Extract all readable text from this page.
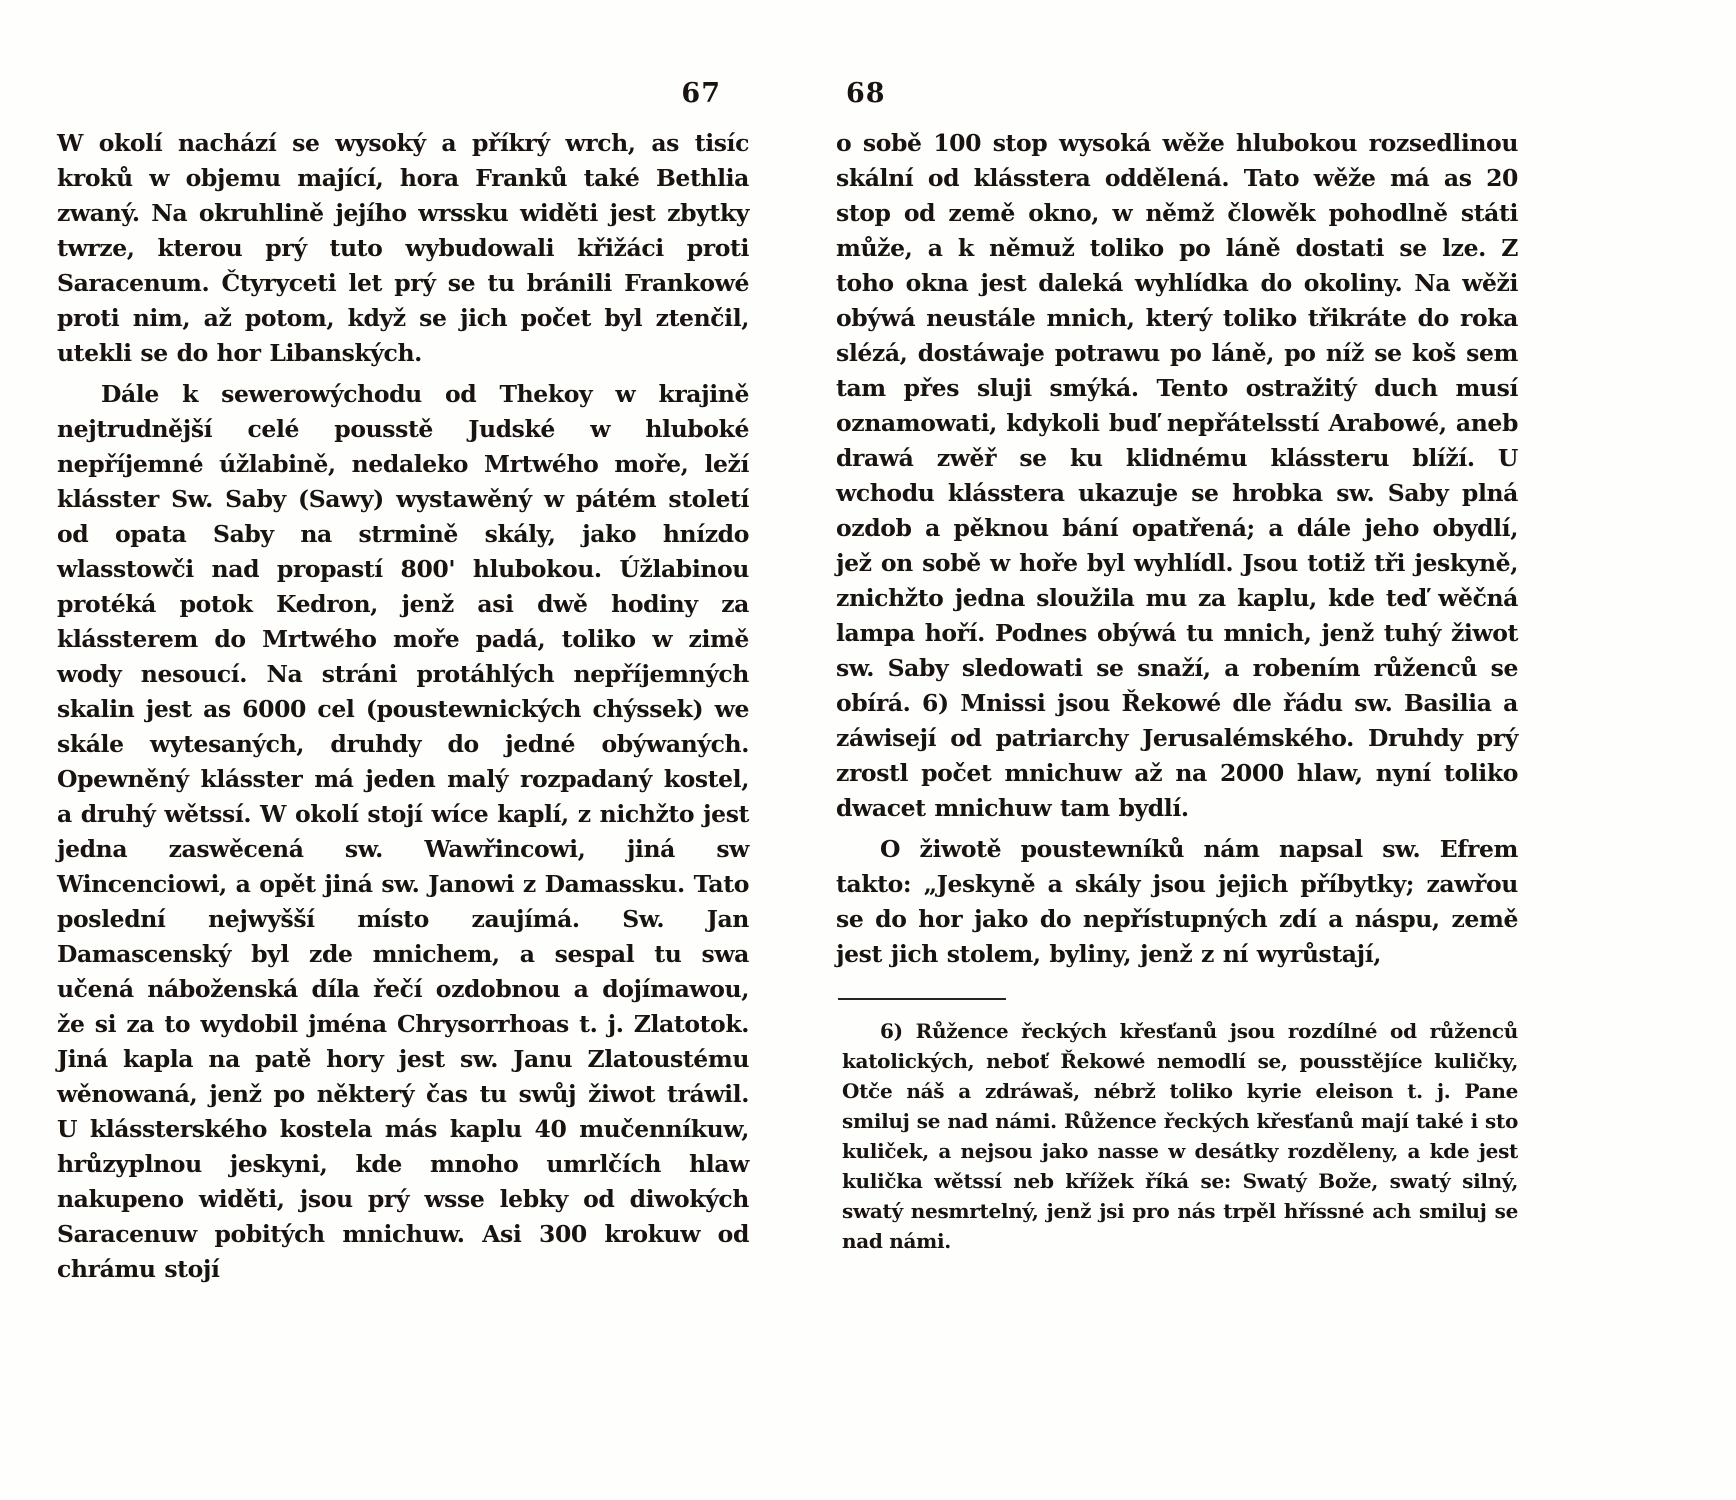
67

W okolí nachází se wysoký a příkrý wrch, as tisíc kroků w objemu mající, hora Franků také Bethlia zwaný. Na okruhlině jejího wrssku widěti jest zbytky twrze, kterou prý tuto wybudowali křižáci proti Saracenum. Čtyryceti let prý se tu bránili Frankowé proti nim, až potom, když se jich počet byl ztenčil, utekli se do hor Libanských.

Dále k sewerowýchodu od Thekoy w krajině nejtrudnější celé pousstě Judské w hluboké nepříjemné úžlabině, nedaleko Mrtwého moře, leží klásster Sw. Saby (Sawy) wystawěný w pátém století od opata Saby na strmině skály, jako hnízdo wlasstowči nad propastí 800' hlubokou. Úžlabinou protéká potok Kedron, jenž asi dwě hodiny za klássterem do Mrtwého moře padá, toliko w zimě wody nesoucí. Na stráni protáhlých nepříjemných skalin jest as 6000 cel (poustewnických chýssek) we skále wytesaných, druhdy do jedné obýwaných. Opewněný klásster má jeden malý rozpadaný kostel, a druhý wětssí. W okolí stojí wíce kaplí, z nichžto jest jedna zaswěcená sw. Wawřincowi, jiná sw Wincenciowi, a opět jiná sw. Janowi z Damassku. Tato poslední nejwyšší místo zaujímá. Sw. Jan Damascenský byl zde mnichem, a sespal tu swa učená náboženská díla řečí ozdobnou a dojímawou, že si za to wydobil jména Chrysorrhoas t. j. Zlatotok. Jiná kapla na patě hory jest sw. Janu Zlatoustému wěnowaná, jenž po některý čas tu swůj žiwot tráwil. U klássterského kostela más kaplu 40 mučenníkuw, hrůzyplnou jeskyni, kde mnoho umrlčích hlaw nakupeno widěti, jsou prý wsse lebky od diwokých Saracenuw pobitých mnichuw. Asi 300 krokuw od chrámu stojí

68

o sobě 100 stop wysoká wěže hlubokou rozsedlinou skální od klásstera oddělená. Tato wěže má as 20 stop od země okno, w němž člowěk pohodlně státi může, a k němuž toliko po láně dostati se lze. Z toho okna jest daleká wyhlídka do okoliny. Na wěži obýwá neustále mnich, který toliko třikráte do roka slézá, dostáwaje potrawu po láně, po níž se koš sem tam přes sluji smýká. Tento ostražitý duch musí oznamowati, kdykoli buď nepřátelsstí Arabowé, aneb drawá zwěř se ku klidnému klássteru blíží. U wchodu klásstera ukazuje se hrobka sw. Saby plná ozdob a pěknou bání opatřená; a dále jeho obydlí, jež on sobě w hoře byl wyhlídl. Jsou totiž tři jeskyně, znichžto jedna sloužila mu za kaplu, kde teď wěčná lampa hoří. Podnes obýwá tu mnich, jenž tuhý žiwot sw. Saby sledowati se snaží, a robením růženců se obírá. 6) Mnissi jsou Řekowé dle řádu sw. Basilia a záwisejí od patriarchy Jerusalémského. Druhdy prý zrostl počet mnichuw až na 2000 hlaw, nyní toliko dwacet mnichuw tam bydlí.

O žiwotě poustewníků nám napsal sw. Efrem takto: „Jeskyně a skály jsou jejich příbytky; zawřou se do hor jako do nepřístupných zdí a náspu, země jest jich stolem, byliny, jenž z ní wyrůstají,

6) Růžence řeckých křesťanů jsou rozdílné od růženců katolických, neboť Řekowé nemodlí se, pousstějíce kuličky, Otče náš a zdráwaš, nébrž toliko kyrie eleison t. j. Pane smiluj se nad námi. Růžence řeckých křesťanů mají také i sto kuliček, a nejsou jako nasse w desátky rozděleny, a kde jest kulička wětssí neb křížek říká se: Swatý Bože, swatý silný, swatý nesmrtelný, jenž jsi pro nás trpěl hříssné ach smiluj se nad námi.
